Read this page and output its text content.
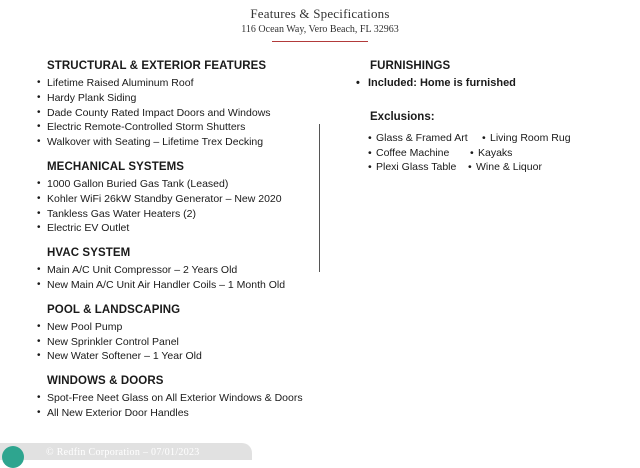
Features & Specifications
116 Ocean Way, Vero Beach, FL 32963
STRUCTURAL & EXTERIOR FEATURES
• Lifetime Raised Aluminum Roof
• Hardy Plank Siding
• Dade County Rated Impact Doors and Windows
• Electric Remote-Controlled Storm Shutters
• Walkover with Seating – Lifetime Trex Decking
MECHANICAL SYSTEMS
• 1000 Gallon Buried Gas Tank (Leased)
• Kohler WiFi 26kW Standby Generator – New 2020
• Tankless Gas Water Heaters (2)
• Electric EV Outlet
HVAC SYSTEM
• Main A/C Unit Compressor – 2 Years Old
• New Main A/C Unit Air Handler Coils – 1 Month Old
POOL & LANDSCAPING
• New Pool Pump
• New Sprinkler Control Panel
• New Water Softener – 1 Year Old
WINDOWS & DOORS
• Spot-Free Neet Glass on All Exterior Windows & Doors
• All New Exterior Door Handles
FURNISHINGS
• Included: Home is furnished
Exclusions:
• Glass & Framed Art	• Living Room Rug
• Coffee Machine	• Kayaks
• Plexi Glass Table	• Wine & Liquor
© Redfin Corporation – 07/01/2023
